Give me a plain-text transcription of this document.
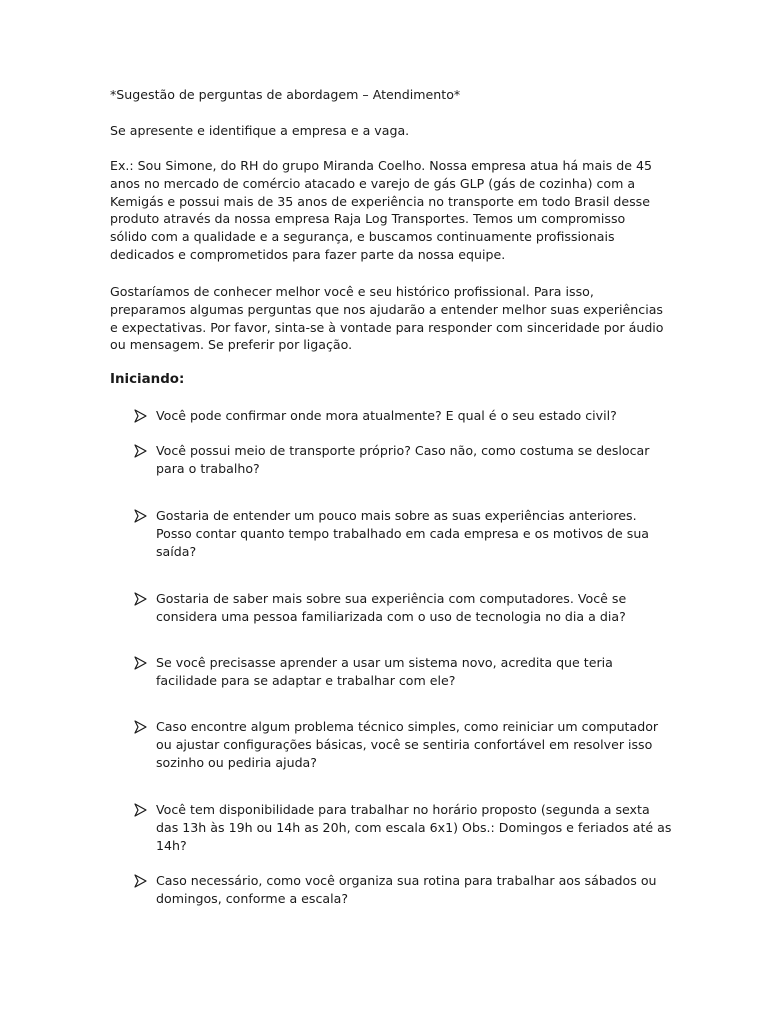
*Sugestão de perguntas de abordagem – Atendimento*

Se apresente e identifique a empresa e a vaga.

Ex.: Sou Simone, do RH do grupo Miranda Coelho. Nossa empresa atua há mais de 45
anos no mercado de comércio atacado e varejo de gás GLP (gás de cozinha) com a
Kemigás e possui mais de 35 anos de experiência no transporte em todo Brasil desse
produto através da nossa empresa Raja Log Transportes. Temos um compromisso
sólido com a qualidade e a segurança, e buscamos continuamente profissionais
dedicados e comprometidos para fazer parte da nossa equipe.

Gostaríamos de conhecer melhor você e seu histórico profissional. Para isso,
preparamos algumas perguntas que nos ajudarão a entender melhor suas experiências
e expectativas. Por favor, sinta-se à vontade para responder com sinceridade por áudio
ou mensagem. Se preferir por ligação.

Iniciando:
Você pode confirmar onde mora atualmente? E qual é o seu estado civil?
Você possui meio de transporte próprio? Caso não, como costuma se deslocar
para o trabalho?
Gostaria de entender um pouco mais sobre as suas experiências anteriores.
Posso contar quanto tempo trabalhado em cada empresa e os motivos de sua
saída?
Gostaria de saber mais sobre sua experiência com computadores. Você se
considera uma pessoa familiarizada com o uso de tecnologia no dia a dia?
Se você precisasse aprender a usar um sistema novo, acredita que teria
facilidade para se adaptar e trabalhar com ele?
Caso encontre algum problema técnico simples, como reiniciar um computador
ou ajustar configurações básicas, você se sentiria confortável em resolver isso
sozinho ou pediria ajuda?
Você tem disponibilidade para trabalhar no horário proposto (segunda a sexta
das 13h às 19h ou 14h as 20h, com escala 6x1) Obs.: Domingos e feriados até as
14h?
Caso necessário, como você organiza sua rotina para trabalhar aos sábados ou
domingos, conforme a escala?
